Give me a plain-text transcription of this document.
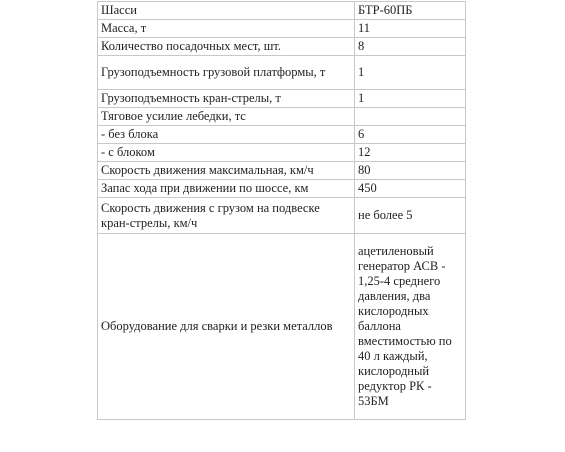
Шасси	БТР-60ПБ
Масса, т	11
Количество посадочных мест, шт.	8
Грузоподъемность грузовой платформы, т	1
Грузоподъемность кран-стрелы, т	1
Тяговое усилие лебедки, тс	
- без блока	6
- с блоком	12
Скорость движения максимальная, км/ч	80
Запас хода при движении по шоссе, км	450
Скорость движения с грузом на подвеске кран-стрелы, км/ч	не более 5
Оборудование для сварки и резки металлов	ацетиленовый генератор АСВ - 1,25-4 среднего давления, два кислородных баллона вместимостью по 40 л каждый, кислородный редуктор РК - 53БМ
